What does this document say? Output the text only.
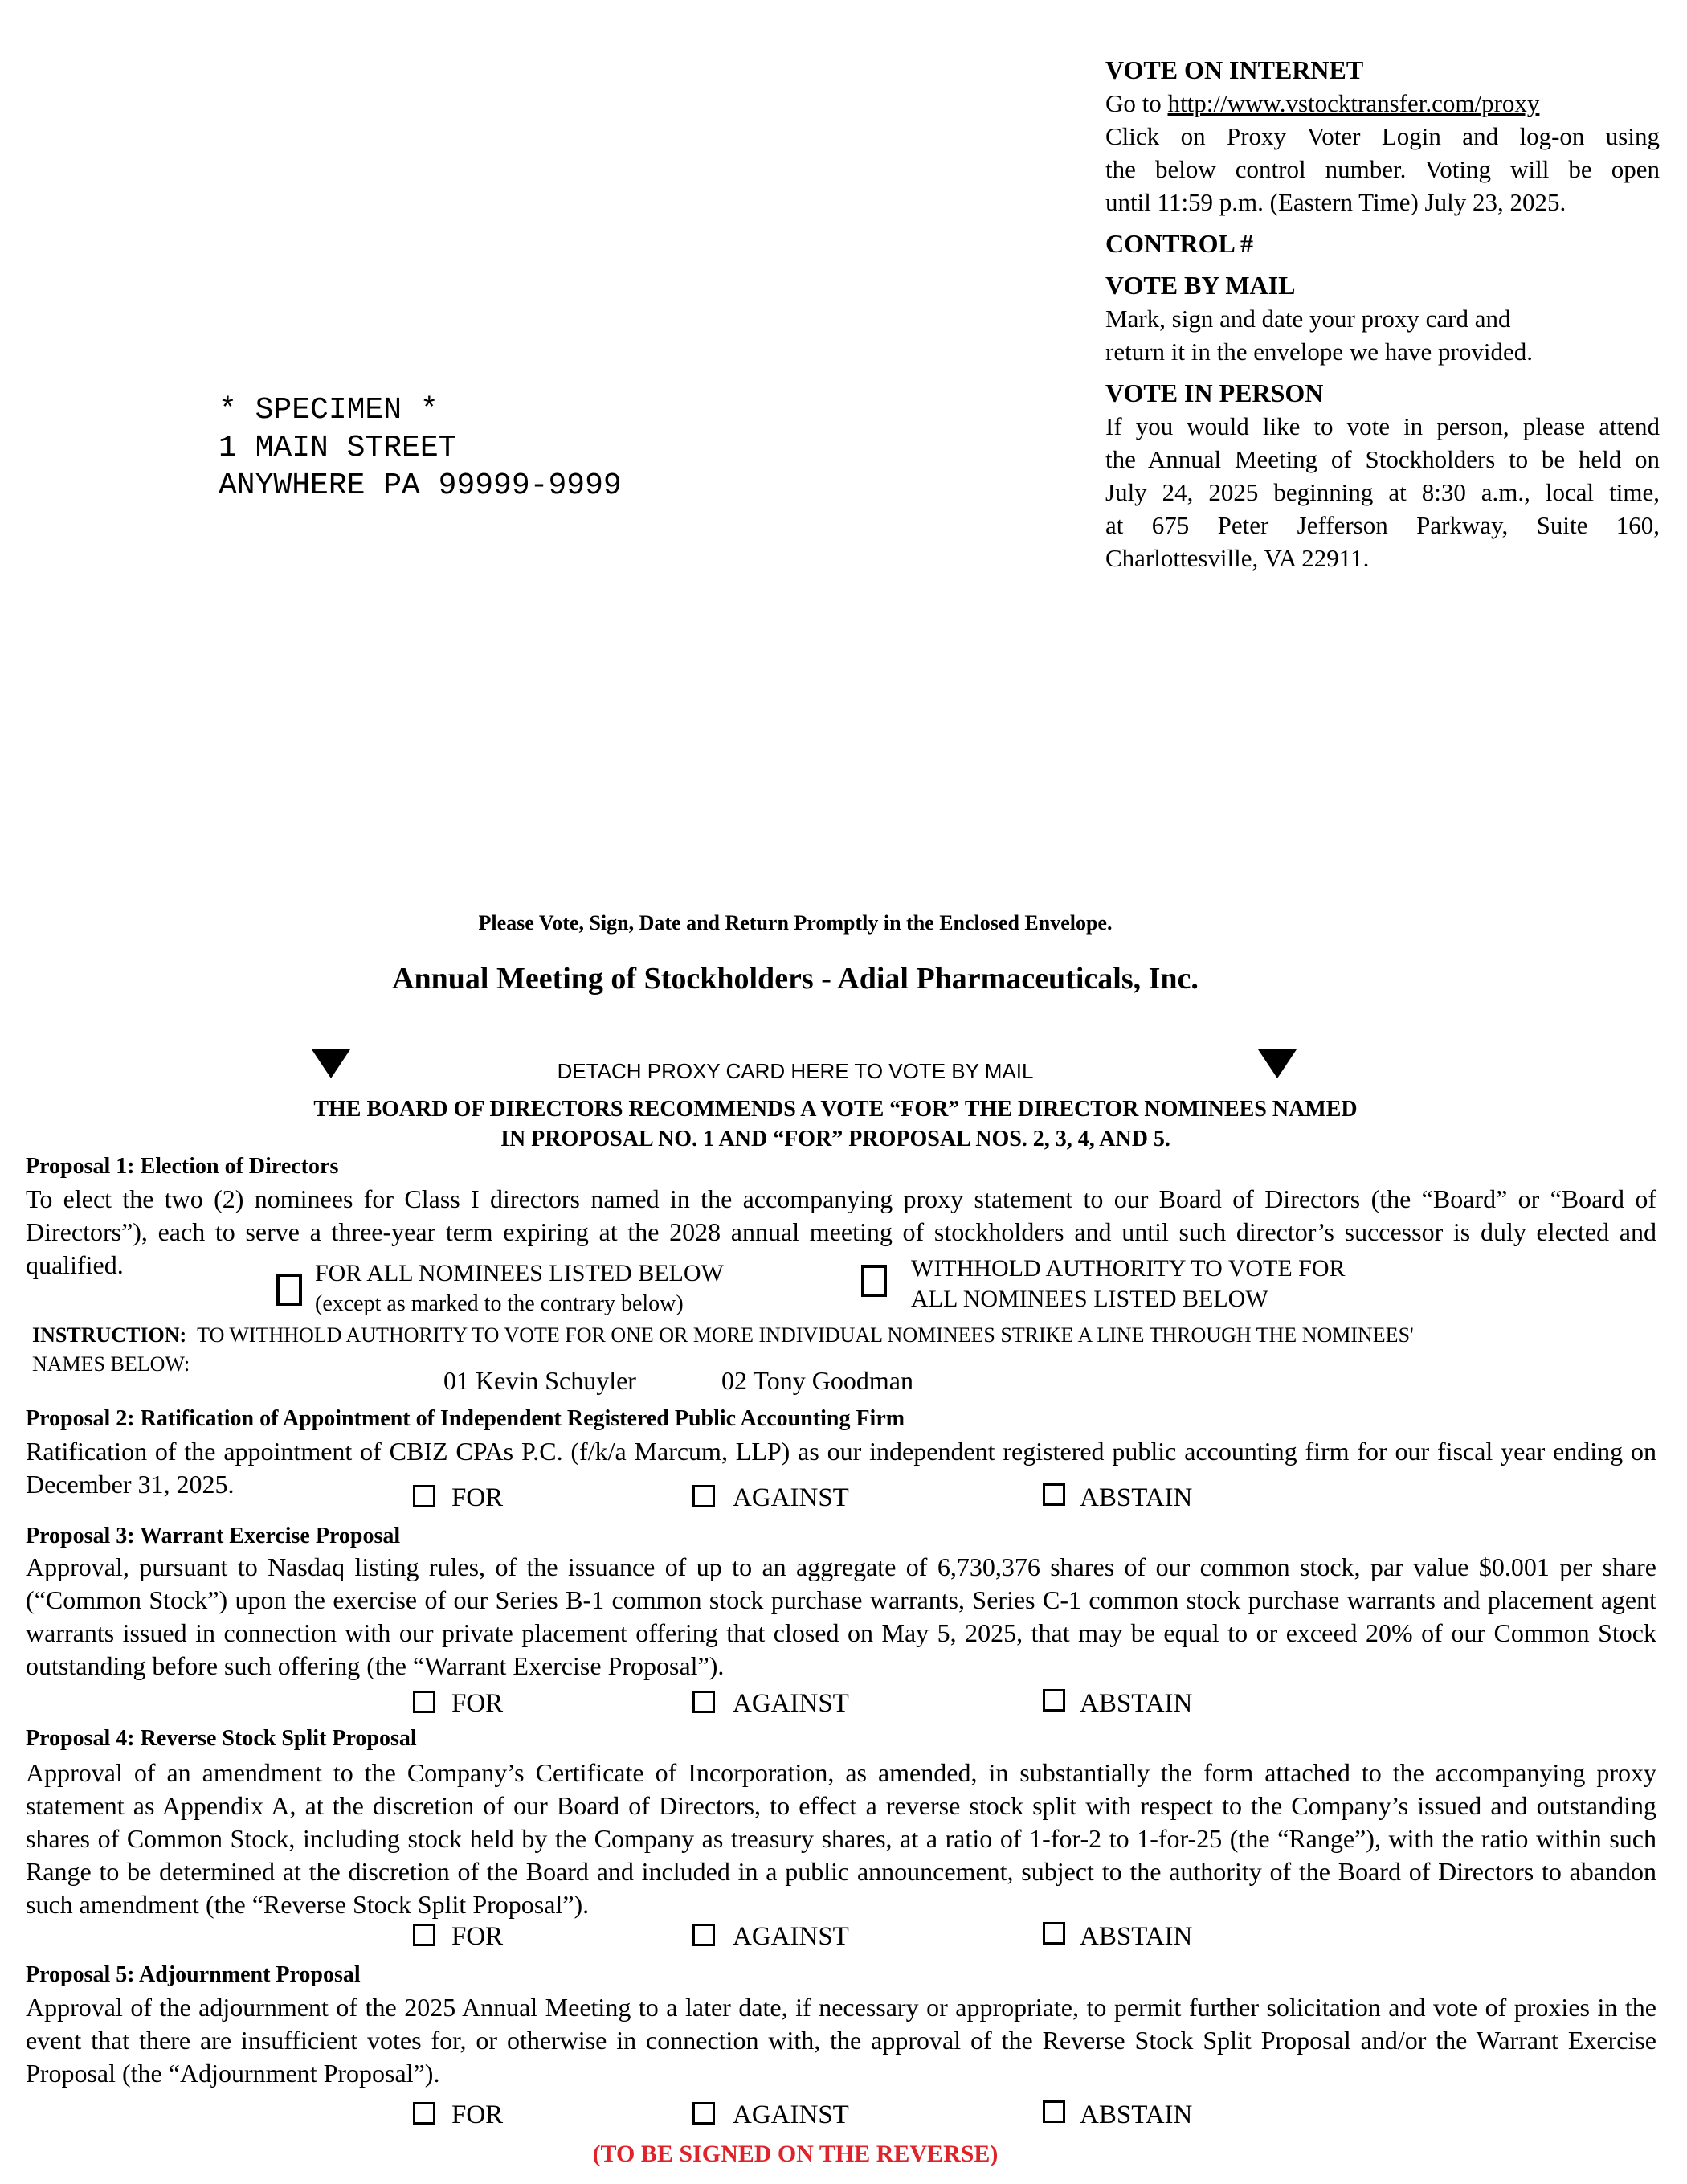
VOTE ON INTERNET
Go to http://www.vstocktransfer.com/proxy
Click on Proxy Voter Login and log-on using
the below control number. Voting will be open
until 11:59 p.m. (Eastern Time) July 23, 2025.
CONTROL #
VOTE BY MAIL
Mark, sign and date your proxy card and
return it in the envelope we have provided.
VOTE IN PERSON
If you would like to vote in person, please attend
the Annual Meeting of Stockholders to be held on
July 24, 2025 beginning at 8:30 a.m., local time,
at 675 Peter Jefferson Parkway, Suite 160,
Charlottesville, VA 22911.
* SPECIMEN *
1 MAIN STREET
ANYWHERE PA 99999-9999
Please Vote, Sign, Date and Return Promptly in the Enclosed Envelope.
Annual Meeting of Stockholders - Adial Pharmaceuticals, Inc.
DETACH PROXY CARD HERE TO VOTE BY MAIL
THE BOARD OF DIRECTORS RECOMMENDS A VOTE “FOR” THE DIRECTOR NOMINEES NAMED
IN PROPOSAL NO. 1 AND “FOR” PROPOSAL NOS. 2, 3, 4, AND 5.
Proposal 1: Election of Directors
To elect the two (2) nominees for Class I directors named in the accompanying proxy statement to our Board of Directors (the “Board” or “Board of Directors”), each to serve a three-year term expiring at the 2028 annual meeting of stockholders and until such director’s successor is duly elected and qualified.	FOR ALL NOMINEES LISTED BELOW
(except as marked to the contrary below)
WITHHOLD AUTHORITY TO VOTE FOR
ALL NOMINEES LISTED BELOW
INSTRUCTION: TO WITHHOLD AUTHORITY TO VOTE FOR ONE OR MORE INDIVIDUAL NOMINEES STRIKE A LINE THROUGH THE NOMINEES' NAMES BELOW:
01 Kevin Schuyler	02 Tony Goodman
Proposal 2: Ratification of Appointment of Independent Registered Public Accounting Firm
Ratification of the appointment of CBIZ CPAs P.C. (f/k/a Marcum, LLP) as our independent registered public accounting firm for our fiscal year ending on December 31, 2025.	FOR	AGAINST	ABSTAIN
Proposal 3: Warrant Exercise Proposal
Approval, pursuant to Nasdaq listing rules, of the issuance of up to an aggregate of 6,730,376 shares of our common stock, par value $0.001 per share (“Common Stock”) upon the exercise of our Series B-1 common stock purchase warrants, Series C-1 common stock purchase warrants and placement agent warrants issued in connection with our private placement offering that closed on May 5, 2025, that may be equal to or exceed 20% of our Common Stock outstanding before such offering (the “Warrant Exercise Proposal”).
FOR	AGAINST	ABSTAIN
Proposal 4: Reverse Stock Split Proposal
Approval of an amendment to the Company’s Certificate of Incorporation, as amended, in substantially the form attached to the accompanying proxy statement as Appendix A, at the discretion of our Board of Directors, to effect a reverse stock split with respect to the Company’s issued and outstanding shares of Common Stock, including stock held by the Company as treasury shares, at a ratio of 1-for-2 to 1-for-25 (the “Range”), with the ratio within such Range to be determined at the discretion of the Board and included in a public announcement, subject to the authority of the Board of Directors to abandon such amendment (the “Reverse Stock Split Proposal”).
FOR	AGAINST	ABSTAIN
Proposal 5: Adjournment Proposal
Approval of the adjournment of the 2025 Annual Meeting to a later date, if necessary or appropriate, to permit further solicitation and vote of proxies in the event that there are insufficient votes for, or otherwise in connection with, the approval of the Reverse Stock Split Proposal and/or the Warrant Exercise Proposal (the “Adjournment Proposal”).
FOR	AGAINST	ABSTAIN
(TO BE SIGNED ON THE REVERSE)
